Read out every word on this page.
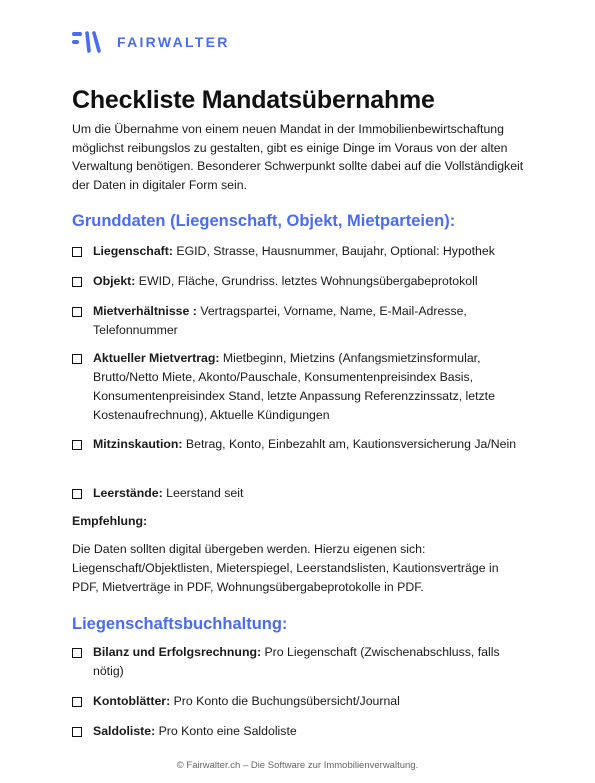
FAIRWALTER
Checkliste Mandatsübernahme

Um die Übernahme von einem neuen Mandat in der Immobilienbewirtschaftung möglichst reibungslos zu gestalten, gibt es einige Dinge im Voraus von der alten Verwaltung benötigen. Besonderer Schwerpunkt sollte dabei auf die Vollständigkeit der Daten in digitaler Form sein.

Grunddaten (Liegenschaft, Objekt, Mietparteien):
Liegenschaft: EGID, Strasse, Hausnummer, Baujahr, Optional: Hypothek
Objekt: EWID, Fläche, Grundriss. letztes Wohnungsübergabeprotokoll
Mietverhältnisse : Vertragspartei, Vorname, Name, E-Mail-Adresse, Telefonnummer
Aktueller Mietvertrag: Mietbeginn, Mietzins (Anfangsmietzinsformular, Brutto/Netto Miete, Akonto/Pauschale, Konsumentenpreisindex Basis, Konsumentenpreisindex Stand, letzte Anpassung Referenzzinssatz, letzte Kostenaufrechnung), Aktuelle Kündigungen
Mitzinskaution: Betrag, Konto, Einbezahlt am, Kautionsversicherung Ja/Nein
Leerstände: Leerstand seit

Empfehlung:

Die Daten sollten digital übergeben werden. Hierzu eigenen sich: Liegenschaft/Objektlisten, Mieterspiegel, Leerstandslisten, Kautionsverträge in PDF, Mietverträge in PDF, Wohnungsübergabeprotokolle in PDF.

Liegenschaftsbuchhaltung:
Bilanz und Erfolgsrechnung: Pro Liegenschaft (Zwischenabschluss, falls nötig)
Kontoblätter: Pro Konto die Buchungsübersicht/Journal
Saldoliste: Pro Konto eine Saldoliste
© Fairwalter.ch – Die Software zur Immobilienverwaltung.
